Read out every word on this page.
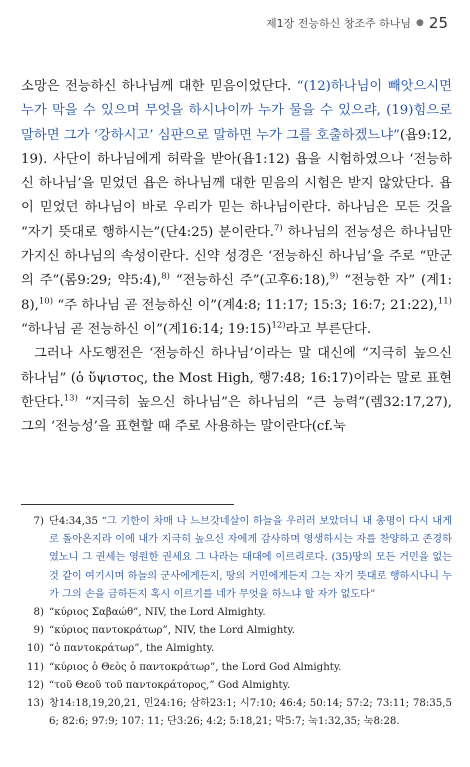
제1장 전능하신 창조주 하나님 ● 25

소망은 전능하신 하나님께 대한 믿음이었단다. “(12)하나님이 빼앗으시면 누가 막을 수 있으며 무엇을 하시나이까 누가 물을 수 있으랴, (19)힘으로 말하면 그가 ‘강하시고’ 심판으로 말하면 누가 그를 호출하겠느냐”(욥9:12,19). 사단이 하나님에게 허락을 받아(욥1:12) 욥을 시험하였으나 ‘전능하신 하나님’을 믿었던 욥은 하나님께 대한 믿음의 시험은 받지 않았단다. 욥이 믿었던 하나님이 바로 우리가 믿는 하나님이란다. 하나님은 모든 것을 “자기 뜻대로 행하시는”(단4:25) 분이란다.$^{7)}$ 하나님의 전능성은 하나님만 가지신 하나님의 속성이란다. 신약 성경은 ‘전능하신 하나님’을 주로 “만군의 주”(롬9:29; 약5:4),$^{8)}$ “전능하신 주”(고후6:18),$^{9)}$ “전능한 자” (계1:8),$^{10)}$ “주 하나님 곧 전능하신 이”(계4:8; 11:17; 15:3; 16:7; 21:22),$^{11)}$ “하나님 곧 전능하신 이”(계16:14; 19:15)$^{12)}$라고 부른단다.

그러나 사도행전은 ‘전능하신 하나님’이라는 말 대신에 “지극히 높으신 하나님” (ὁ ὕψιστος, the Most High, 행7:48; 16:17)이라는 말로 표현한단다.$^{13)}$ “지극히 높으신 하나님”은 하나님의 “큰 능력”(렘32:17,27), 그의 ‘전능성’을 표현할 때 주로 사용하는 말이란다(cf.눅

7) 단4:34,35 “그 기한이 차매 나 느브갓네살이 하늘을 우러러 보았더니 내 총명이 다시 내게로 돌아온지라 이에 내가 지극히 높으신 자에게 감사하며 영생하시는 자를 찬양하고 존경하였노니 그 권세는 영원한 권세요 그 나라는 대대에 이르리로다. (35)땅의 모든 거민을 없는 것 같이 여기시며 하늘의 군사에게든지, 땅의 거민에게든지 그는 자기 뜻대로 행하시나니 누가 그의 손을 금하든지 혹시 이르기를 네가 무엇을 하느냐 할 자가 없도다”
8) “κύριος Σαβαώθ”, NIV, the Lord Almighty.
9) “κύριος παντοκράτωρ”, NIV, the Lord Almighty.
10) “ὁ παντοκράτωρ”, the Almighty.
11) “κύριος ὁ Θεὸς ὁ παντοκράτωρ”, the Lord God Almighty.
12) “τοῦ Θεοῦ τοῦ παντοκράτορος,” God Almighty.
13) 창14:18,19,20,21, 민24:16; 삼하23:1; 시7:10; 46:4; 50:14; 57:2; 73:11; 78:35,56; 82:6; 97:9; 107: 11; 단3:26; 4:2; 5:18,21; 막5:7; 눅1:32,35; 눅8:28.
